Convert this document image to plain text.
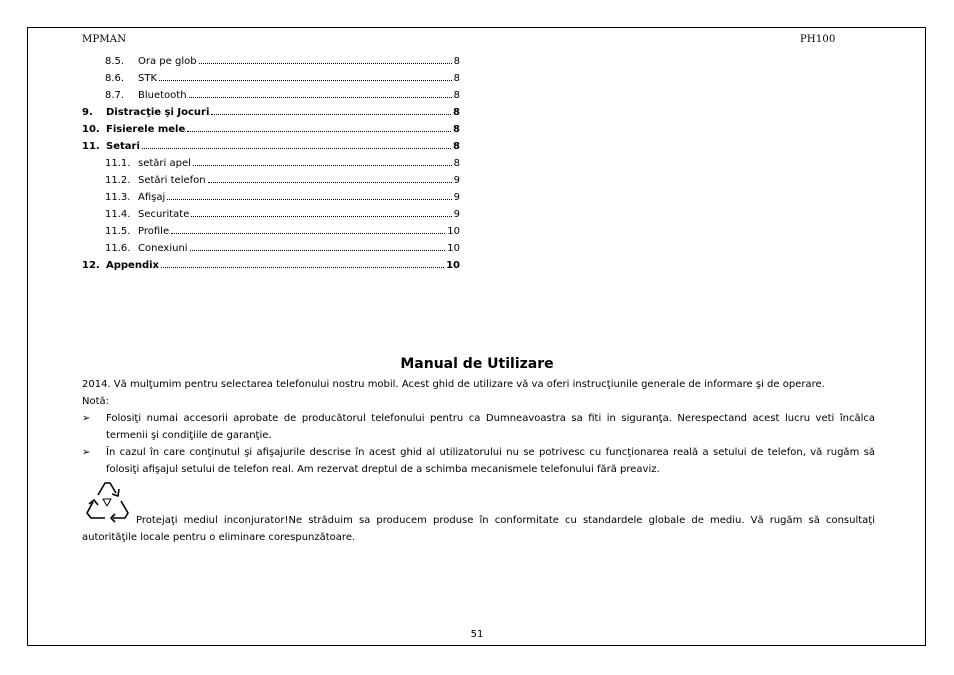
MPMAN	PH100
8.5.	Ora pe glob	8
8.6.	STK	8
8.7.	Bluetooth	8
9.	Distracţie şi Jocuri	8
10. Fisierele mele	8
11. Setari	8
11.1. setări apel	8
11.2. Setări telefon	9
11.3. Afişaj	9
11.4. Securitate	9
11.5. Profile	10
11.6. Conexiuni	10
12. Appendix	10
Manual de Utilizare
2014. Vă mulţumim pentru selectarea telefonului nostru mobil. Acest ghid de utilizare vă va oferi instrucţiunile generale de informare şi de operare.
Notă:
➢ Folosiţi numai accesorii aprobate de producătorul telefonului pentru ca Dumneavoastra sa fiti in siguranţa. Nerespectand acest lucru veti încălca termenii şi condiţiile de garanţie.
➢ În cazul în care conţinutul şi afişajurile descrise în acest ghid al utilizatorului nu se potrivesc cu funcţionarea reală a setului de telefon, vă rugăm să folosiţi afişajul setului de telefon real. Am rezervat dreptul de a schimba mecanismele telefonului fără preaviz.
Protejaţi mediul inconjurator!Ne străduim sa producem produse în conformitate cu standardele globale de mediu. Vă rugăm să consultaţi autorităţile locale pentru o eliminare corespunzătoare.
51
